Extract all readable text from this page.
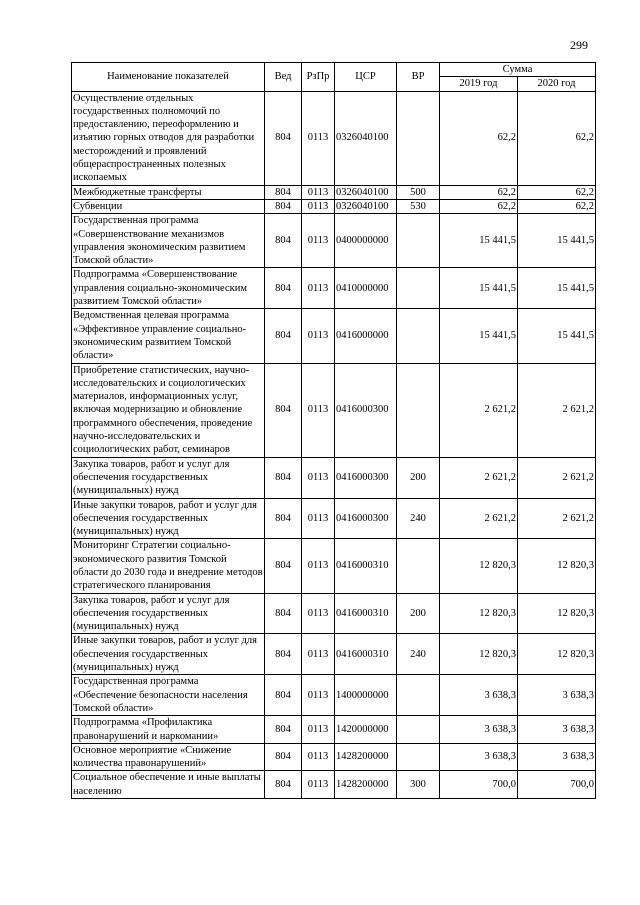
299
Наименование показателей	Вед	РзПр	ЦСР	ВР	Сумма	
					2019 год	2020 год
Осуществление отдельных государственных полномочий по предоставлению, переоформлению и изъятию горных отводов для разработки месторождений и проявлений общераспространенных полезных ископаемых	804	0113	0326040100		62,2	62,2
Межбюджетные трансферты	804	0113	0326040100	500	62,2	62,2
Субвенции	804	0113	0326040100	530	62,2	62,2
Государственная программа «Совершенствование механизмов управления экономическим развитием Томской области»	804	0113	0400000000		15 441,5	15 441,5
Подпрограмма «Совершенствование управления социально-экономическим развитием Томской области»	804	0113	0410000000		15 441,5	15 441,5
Ведомственная целевая программа «Эффективное управление социально-экономическим развитием Томской области»	804	0113	0416000000		15 441,5	15 441,5
Приобретение статистических, научно-исследовательских и социологических материалов, информационных услуг, включая модернизацию и обновление программного обеспечения, проведение научно-исследовательских и социологических работ, семинаров	804	0113	0416000300		2 621,2	2 621,2
Закупка товаров, работ и услуг для обеспечения государственных (муниципальных) нужд	804	0113	0416000300	200	2 621,2	2 621,2
Иные закупки товаров, работ и услуг для обеспечения государственных (муниципальных) нужд	804	0113	0416000300	240	2 621,2	2 621,2
Мониторинг Стратегии социально-экономического развития Томской области до 2030 года и внедрение методов стратегического планирования	804	0113	0416000310		12 820,3	12 820,3
Закупка товаров, работ и услуг для обеспечения государственных (муниципальных) нужд	804	0113	0416000310	200	12 820,3	12 820,3
Иные закупки товаров, работ и услуг для обеспечения государственных (муниципальных) нужд	804	0113	0416000310	240	12 820,3	12 820,3
Государственная программа «Обеспечение безопасности населения Томской области»	804	0113	1400000000		3 638,3	3 638,3
Подпрограмма «Профилактика правонарушений и наркомании»	804	0113	1420000000		3 638,3	3 638,3
Основное мероприятие «Снижение количества правонарушений»	804	0113	1428200000		3 638,3	3 638,3
Социальное обеспечение и иные выплаты населению	804	0113	1428200000	300	700,0	700,0
